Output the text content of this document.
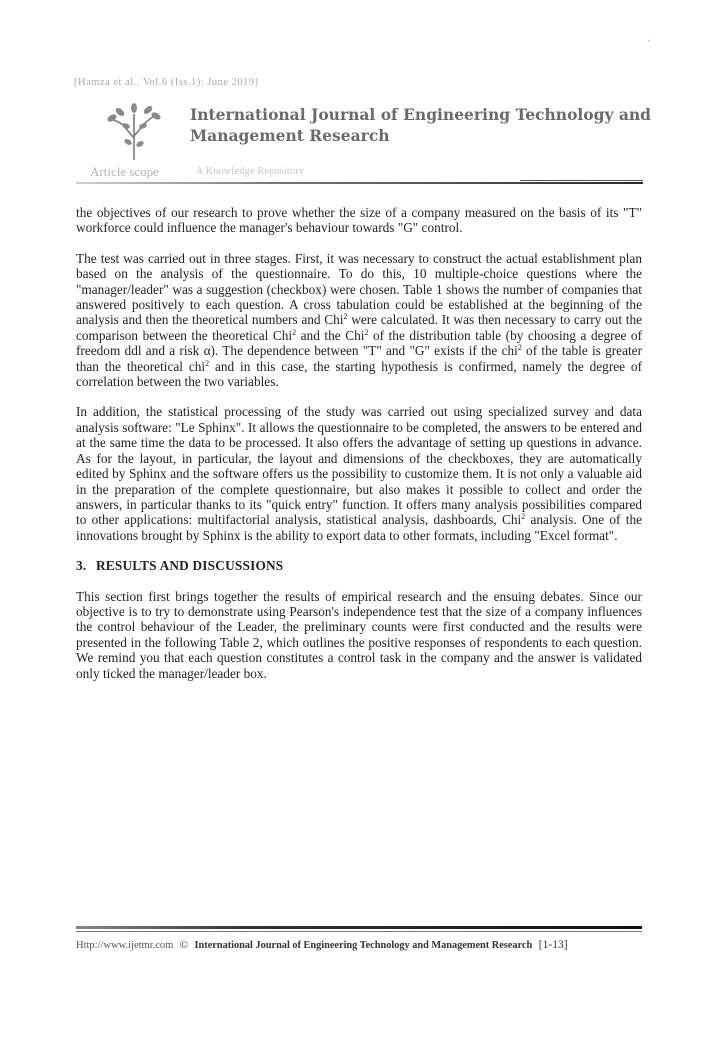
·
[Hamza et al., Vol.6 (Iss.1): June 2019]
International Journal of Engineering Technology and
Management Research
Article scope	A Knowledge Repository

the objectives of our research to prove whether the size of a company measured on the basis of its "T" workforce could influence the manager's behaviour towards "G" control.

The test was carried out in three stages. First, it was necessary to construct the actual establishment plan based on the analysis of the questionnaire. To do this, 10 multiple-choice questions where the "manager/leader" was a suggestion (checkbox) were chosen. Table 1 shows the number of companies that answered positively to each question. A cross tabulation could be established at the beginning of the analysis and then the theoretical numbers and Chi$^2$ were calculated. It was then necessary to carry out the comparison between the theoretical Chi$^2$ and the Chi$^2$ of the distribution table (by choosing a degree of freedom ddl and a risk α). The dependence between "T" and "G" exists if the chi$^2$ of the table is greater than the theoretical chi$^2$ and in this case, the starting hypothesis is confirmed, namely the degree of correlation between the two variables.

In addition, the statistical processing of the study was carried out using specialized survey and data analysis software: "Le Sphinx". It allows the questionnaire to be completed, the answers to be entered and at the same time the data to be processed. It also offers the advantage of setting up questions in advance. As for the layout, in particular, the layout and dimensions of the checkboxes, they are automatically edited by Sphinx and the software offers us the possibility to customize them. It is not only a valuable aid in the preparation of the complete questionnaire, but also makes it possible to collect and order the answers, in particular thanks to its "quick entry" function. It offers many analysis possibilities compared to other applications: multifactorial analysis, statistical analysis, dashboards, Chi$^2$ analysis. One of the innovations brought by Sphinx is the ability to export data to other formats, including "Excel format".

3. RESULTS AND DISCUSSIONS

This section first brings together the results of empirical research and the ensuing debates. Since our objective is to try to demonstrate using Pearson's independence test that the size of a company influences the control behaviour of the Leader, the preliminary counts were first conducted and the results were presented in the following Table 2, which outlines the positive responses of respondents to each question. We remind you that each question constitutes a control task in the company and the answer is validated only ticked the manager/leader box.

Http://www.ijetmr.com © International Journal of Engineering Technology and Management Research [1-13]
